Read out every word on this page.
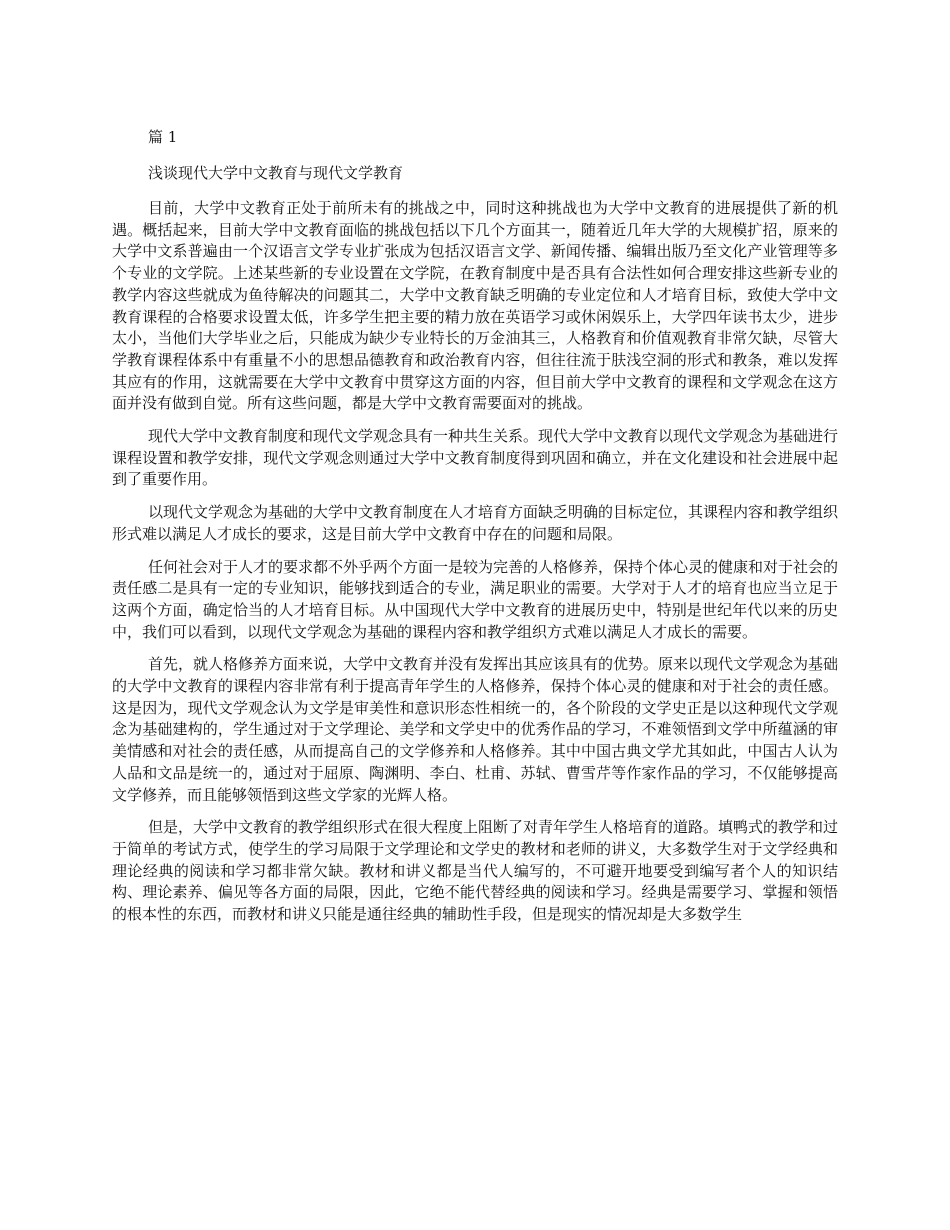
篇 1
浅谈现代大学中文教育与现代文学教育

目前，大学中文教育正处于前所未有的挑战之中，同时这种挑战也为大学中文教育的进展提供了新的机遇。概括起来，目前大学中文教育面临的挑战包括以下几个方面其一，随着近几年大学的大规模扩招，原来的大学中文系普遍由一个汉语言文学专业扩张成为包括汉语言文学、新闻传播、编辑出版乃至文化产业管理等多个专业的文学院。上述某些新的专业设置在文学院，在教育制度中是否具有合法性如何合理安排这些新专业的教学内容这些就成为鱼待解决的问题其二，大学中文教育缺乏明确的专业定位和人才培育目标，致使大学中文教育课程的合格要求设置太低，许多学生把主要的精力放在英语学习或休闲娱乐上，大学四年读书太少，进步太小，当他们大学毕业之后，只能成为缺少专业特长的万金油其三，人格教育和价值观教育非常欠缺，尽管大学教育课程体系中有重量不小的思想品德教育和政治教育内容，但往往流于肤浅空洞的形式和教条，难以发挥其应有的作用，这就需要在大学中文教育中贯穿这方面的内容，但目前大学中文教育的课程和文学观念在这方面并没有做到自觉。所有这些问题，都是大学中文教育需要面对的挑战。

现代大学中文教育制度和现代文学观念具有一种共生关系。现代大学中文教育以现代文学观念为基础进行课程设置和教学安排，现代文学观念则通过大学中文教育制度得到巩固和确立，并在文化建设和社会进展中起到了重要作用。

以现代文学观念为基础的大学中文教育制度在人才培育方面缺乏明确的目标定位，其课程内容和教学组织形式难以满足人才成长的要求，这是目前大学中文教育中存在的问题和局限。

任何社会对于人才的要求都不外乎两个方面一是较为完善的人格修养，保持个体心灵的健康和对于社会的责任感二是具有一定的专业知识，能够找到适合的专业，满足职业的需要。大学对于人才的培育也应当立足于这两个方面，确定恰当的人才培育目标。从中国现代大学中文教育的进展历史中，特别是世纪年代以来的历史中，我们可以看到，以现代文学观念为基础的课程内容和教学组织方式难以满足人才成长的需要。

首先，就人格修养方面来说，大学中文教育并没有发挥出其应该具有的优势。原来以现代文学观念为基础的大学中文教育的课程内容非常有利于提高青年学生的人格修养，保持个体心灵的健康和对于社会的责任感。这是因为，现代文学观念认为文学是审美性和意识形态性相统一的，各个阶段的文学史正是以这种现代文学观念为基础建构的，学生通过对于文学理论、美学和文学史中的优秀作品的学习，不难领悟到文学中所蕴涵的审美情感和对社会的责任感，从而提高自己的文学修养和人格修养。其中中国古典文学尤其如此，中国古人认为人品和文品是统一的，通过对于屈原、陶渊明、李白、杜甫、苏轼、曹雪芹等作家作品的学习，不仅能够提高文学修养，而且能够领悟到这些文学家的光辉人格。

但是，大学中文教育的教学组织形式在很大程度上阻断了对青年学生人格培育的道路。填鸭式的教学和过于简单的考试方式，使学生的学习局限于文学理论和文学史的教材和老师的讲义，大多数学生对于文学经典和理论经典的阅读和学习都非常欠缺。教材和讲义都是当代人编写的，不可避开地要受到编写者个人的知识结构、理论素养、偏见等各方面的局限，因此，它绝不能代替经典的阅读和学习。经典是需要学习、掌握和领悟的根本性的东西，而教材和讲义只能是通往经典的辅助性手段，但是现实的情况却是大多数学生
